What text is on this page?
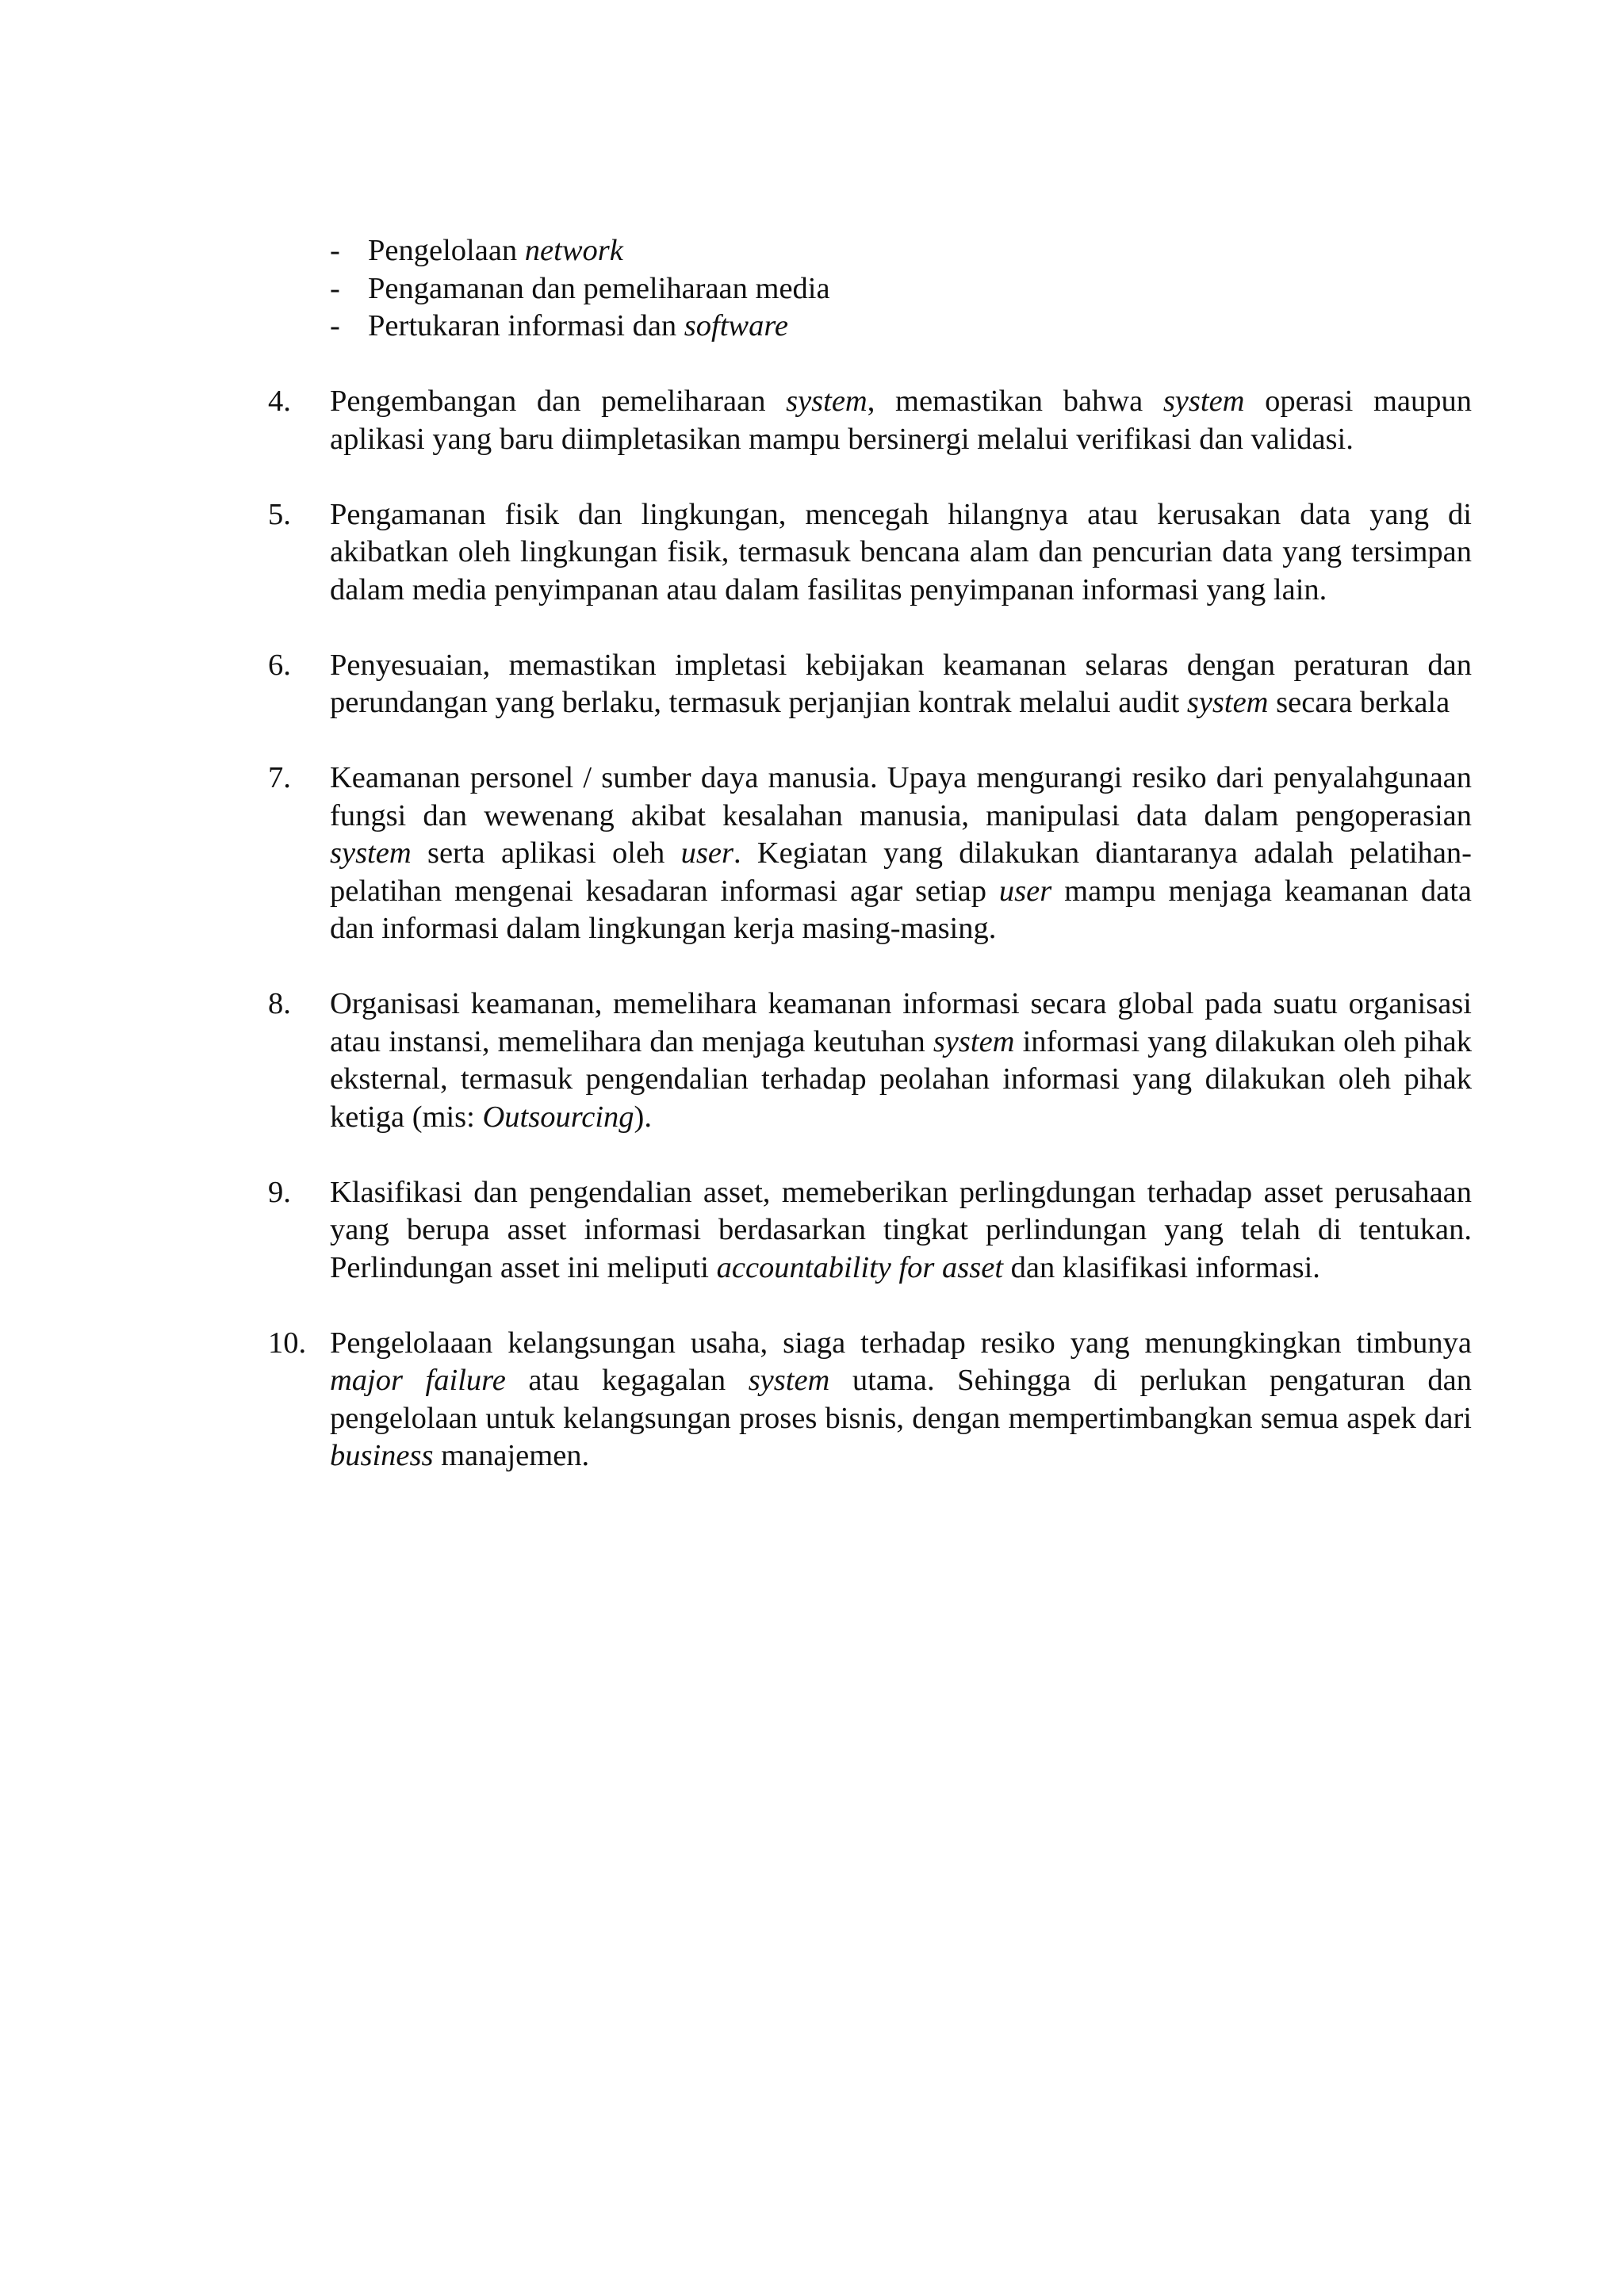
- Pengelolaan network
- Pengamanan dan pemeliharaan media
- Pertukaran informasi dan software
4.	Pengembangan dan pemeliharaan system, memastikan bahwa system operasi maupun aplikasi yang baru diimpletasikan mampu bersinergi melalui verifikasi dan validasi.
5.	Pengamanan fisik dan lingkungan, mencegah hilangnya atau kerusakan data yang di akibatkan oleh lingkungan fisik, termasuk bencana alam dan pencurian data yang tersimpan dalam media penyimpanan atau dalam fasilitas penyimpanan informasi yang lain.
6.	Penyesuaian, memastikan impletasi kebijakan keamanan selaras dengan peraturan dan perundangan yang berlaku, termasuk perjanjian kontrak melalui audit system secara berkala
7.	Keamanan personel / sumber daya manusia. Upaya mengurangi resiko dari penyalahgunaan fungsi dan wewenang akibat kesalahan manusia, manipulasi data dalam pengoperasian system serta aplikasi oleh user. Kegiatan yang dilakukan diantaranya adalah pelatihan-pelatihan mengenai kesadaran informasi agar setiap user mampu menjaga keamanan data dan informasi dalam lingkungan kerja masing-masing.
8.	Organisasi keamanan, memelihara keamanan informasi secara global pada suatu organisasi atau instansi, memelihara dan menjaga keutuhan system informasi yang dilakukan oleh pihak eksternal, termasuk pengendalian terhadap peolahan informasi yang dilakukan oleh pihak ketiga (mis: Outsourcing).
9.	Klasifikasi dan pengendalian asset, memeberikan perlingdungan terhadap asset perusahaan yang berupa asset informasi berdasarkan tingkat perlindungan yang telah di tentukan. Perlindungan asset ini meliputi accountability for asset dan klasifikasi informasi.
10. Pengelolaaan kelangsungan usaha, siaga terhadap resiko yang menungkingkan timbunya major failure atau kegagalan system utama. Sehingga di perlukan pengaturan dan pengelolaan untuk kelangsungan proses bisnis, dengan mempertimbangkan semua aspek dari business manajemen.
